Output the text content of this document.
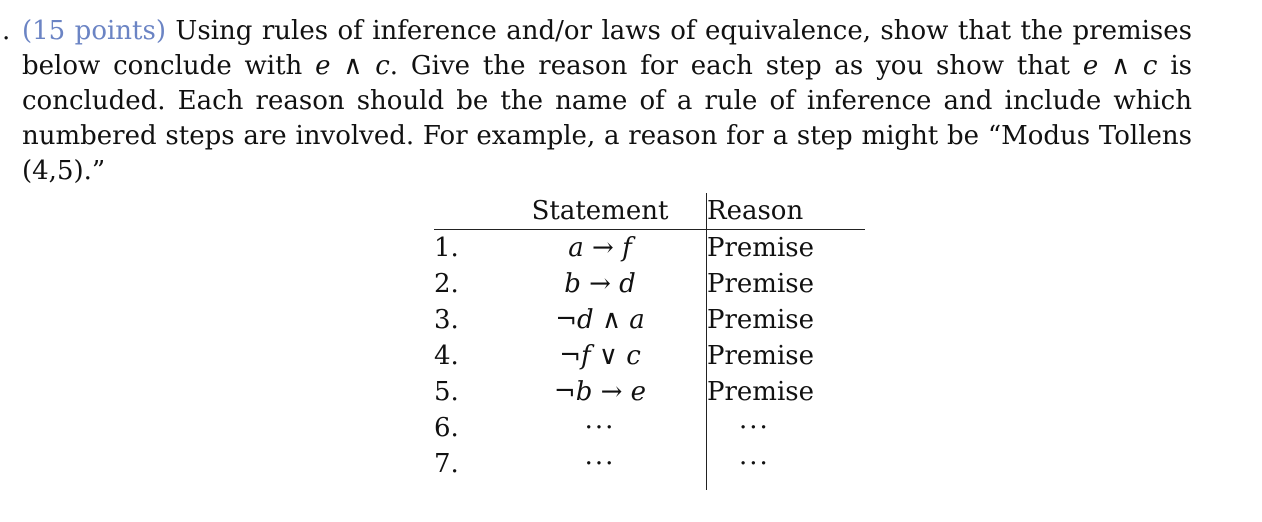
. (15 points) Using rules of inference and/or laws of equivalence, show that the premises below conclude with e ∧ c. Give the reason for each step as you show that e ∧ c is concluded. Each reason should be the name of a rule of inference and include which numbered steps are involved. For example, a reason for a step might be “Modus Tollens (4,5).”
	Statement	Reason
1.	a → f	Premise
2.	b → d	Premise
3.	¬d ∧ a	Premise
4.	¬f ∨ c	Premise
5.	¬b → e	Premise
6.	···	···
7.	···	···
